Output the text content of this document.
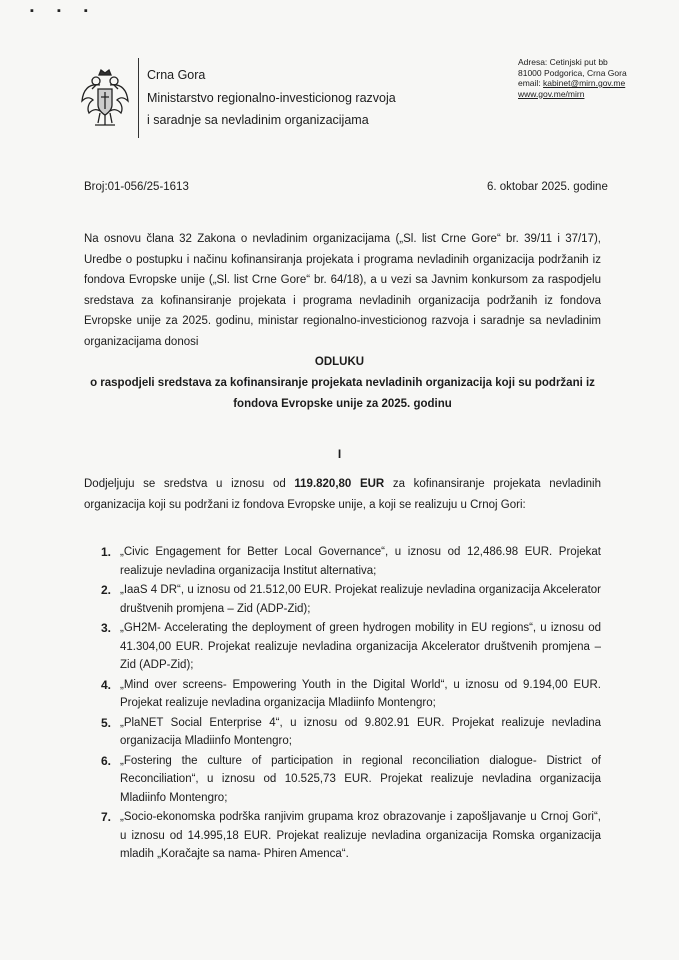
▪ ▪ ▪
Crna Gora
Ministarstvo regionalno-investicionog razvoja
i saradnje sa nevladinim organizacijama
Adresa: Cetinjski put bb
81000 Podgorica, Crna Gora
email: kabinet@mirn.gov.me
www.gov.me/mirn
Broj:01-056/25-1613	6. oktobar 2025. godine
Na osnovu člana 32 Zakona o nevladinim organizacijama („Sl. list Crne Gore“ br. 39/11 i 37/17), Uredbe o postupku i načinu kofinansiranja projekata i programa nevladinih organizacija podržanih iz fondova Evropske unije („Sl. list Crne Gore“ br. 64/18), a u vezi sa Javnim konkursom za raspodjelu sredstava za kofinansiranje projekata i programa nevladinih organizacija podržanih iz fondova Evropske unije za 2025. godinu, ministar regionalno-investicionog razvoja i saradnje sa nevladinim organizacijama donosi
ODLUKU
o raspodjeli sredstava za kofinansiranje projekata nevladinih organizacija koji su podržani iz fondova Evropske unije za 2025. godinu
I
Dodjeljuju se sredstva u iznosu od 119.820,80 EUR za kofinansiranje projekata nevladinih organizacija koji su podržani iz fondova Evropske unije, a koji se realizuju u Crnoj Gori:
1. „Civic Engagement for Better Local Governance“, u iznosu od 12,486.98 EUR. Projekat realizuje nevladina organizacija Institut alternativa;
2. „IaaS 4 DR“, u iznosu od 21.512,00 EUR. Projekat realizuje nevladina organizacija Akcelerator društvenih promjena – Zid (ADP-Zid);
3. „GH2M- Accelerating the deployment of green hydrogen mobility in EU regions“, u iznosu od 41.304,00 EUR. Projekat realizuje nevladina organizacija Akcelerator društvenih promjena – Zid (ADP-Zid);
4. „Mind over screens- Empowering Youth in the Digital World“, u iznosu od 9.194,00 EUR. Projekat realizuje nevladina organizacija Mladiinfo Montengro;
5. „PlaNET Social Enterprise 4“, u iznosu od 9.802.91 EUR. Projekat realizuje nevladina organizacija Mladiinfo Montengro;
6. „Fostering the culture of participation in regional reconciliation dialogue- District of Reconciliation“, u iznosu od 10.525,73 EUR. Projekat realizuje nevladina organizacija Mladiinfo Montengro;
7. „Socio-ekonomska podrška ranjivim grupama kroz obrazovanje i zapošljavanje u Crnoj Gori“, u iznosu od 14.995,18 EUR. Projekat realizuje nevladina organizacija Romska organizacija mladih „Koračajte sa nama- Phiren Amenca“.
